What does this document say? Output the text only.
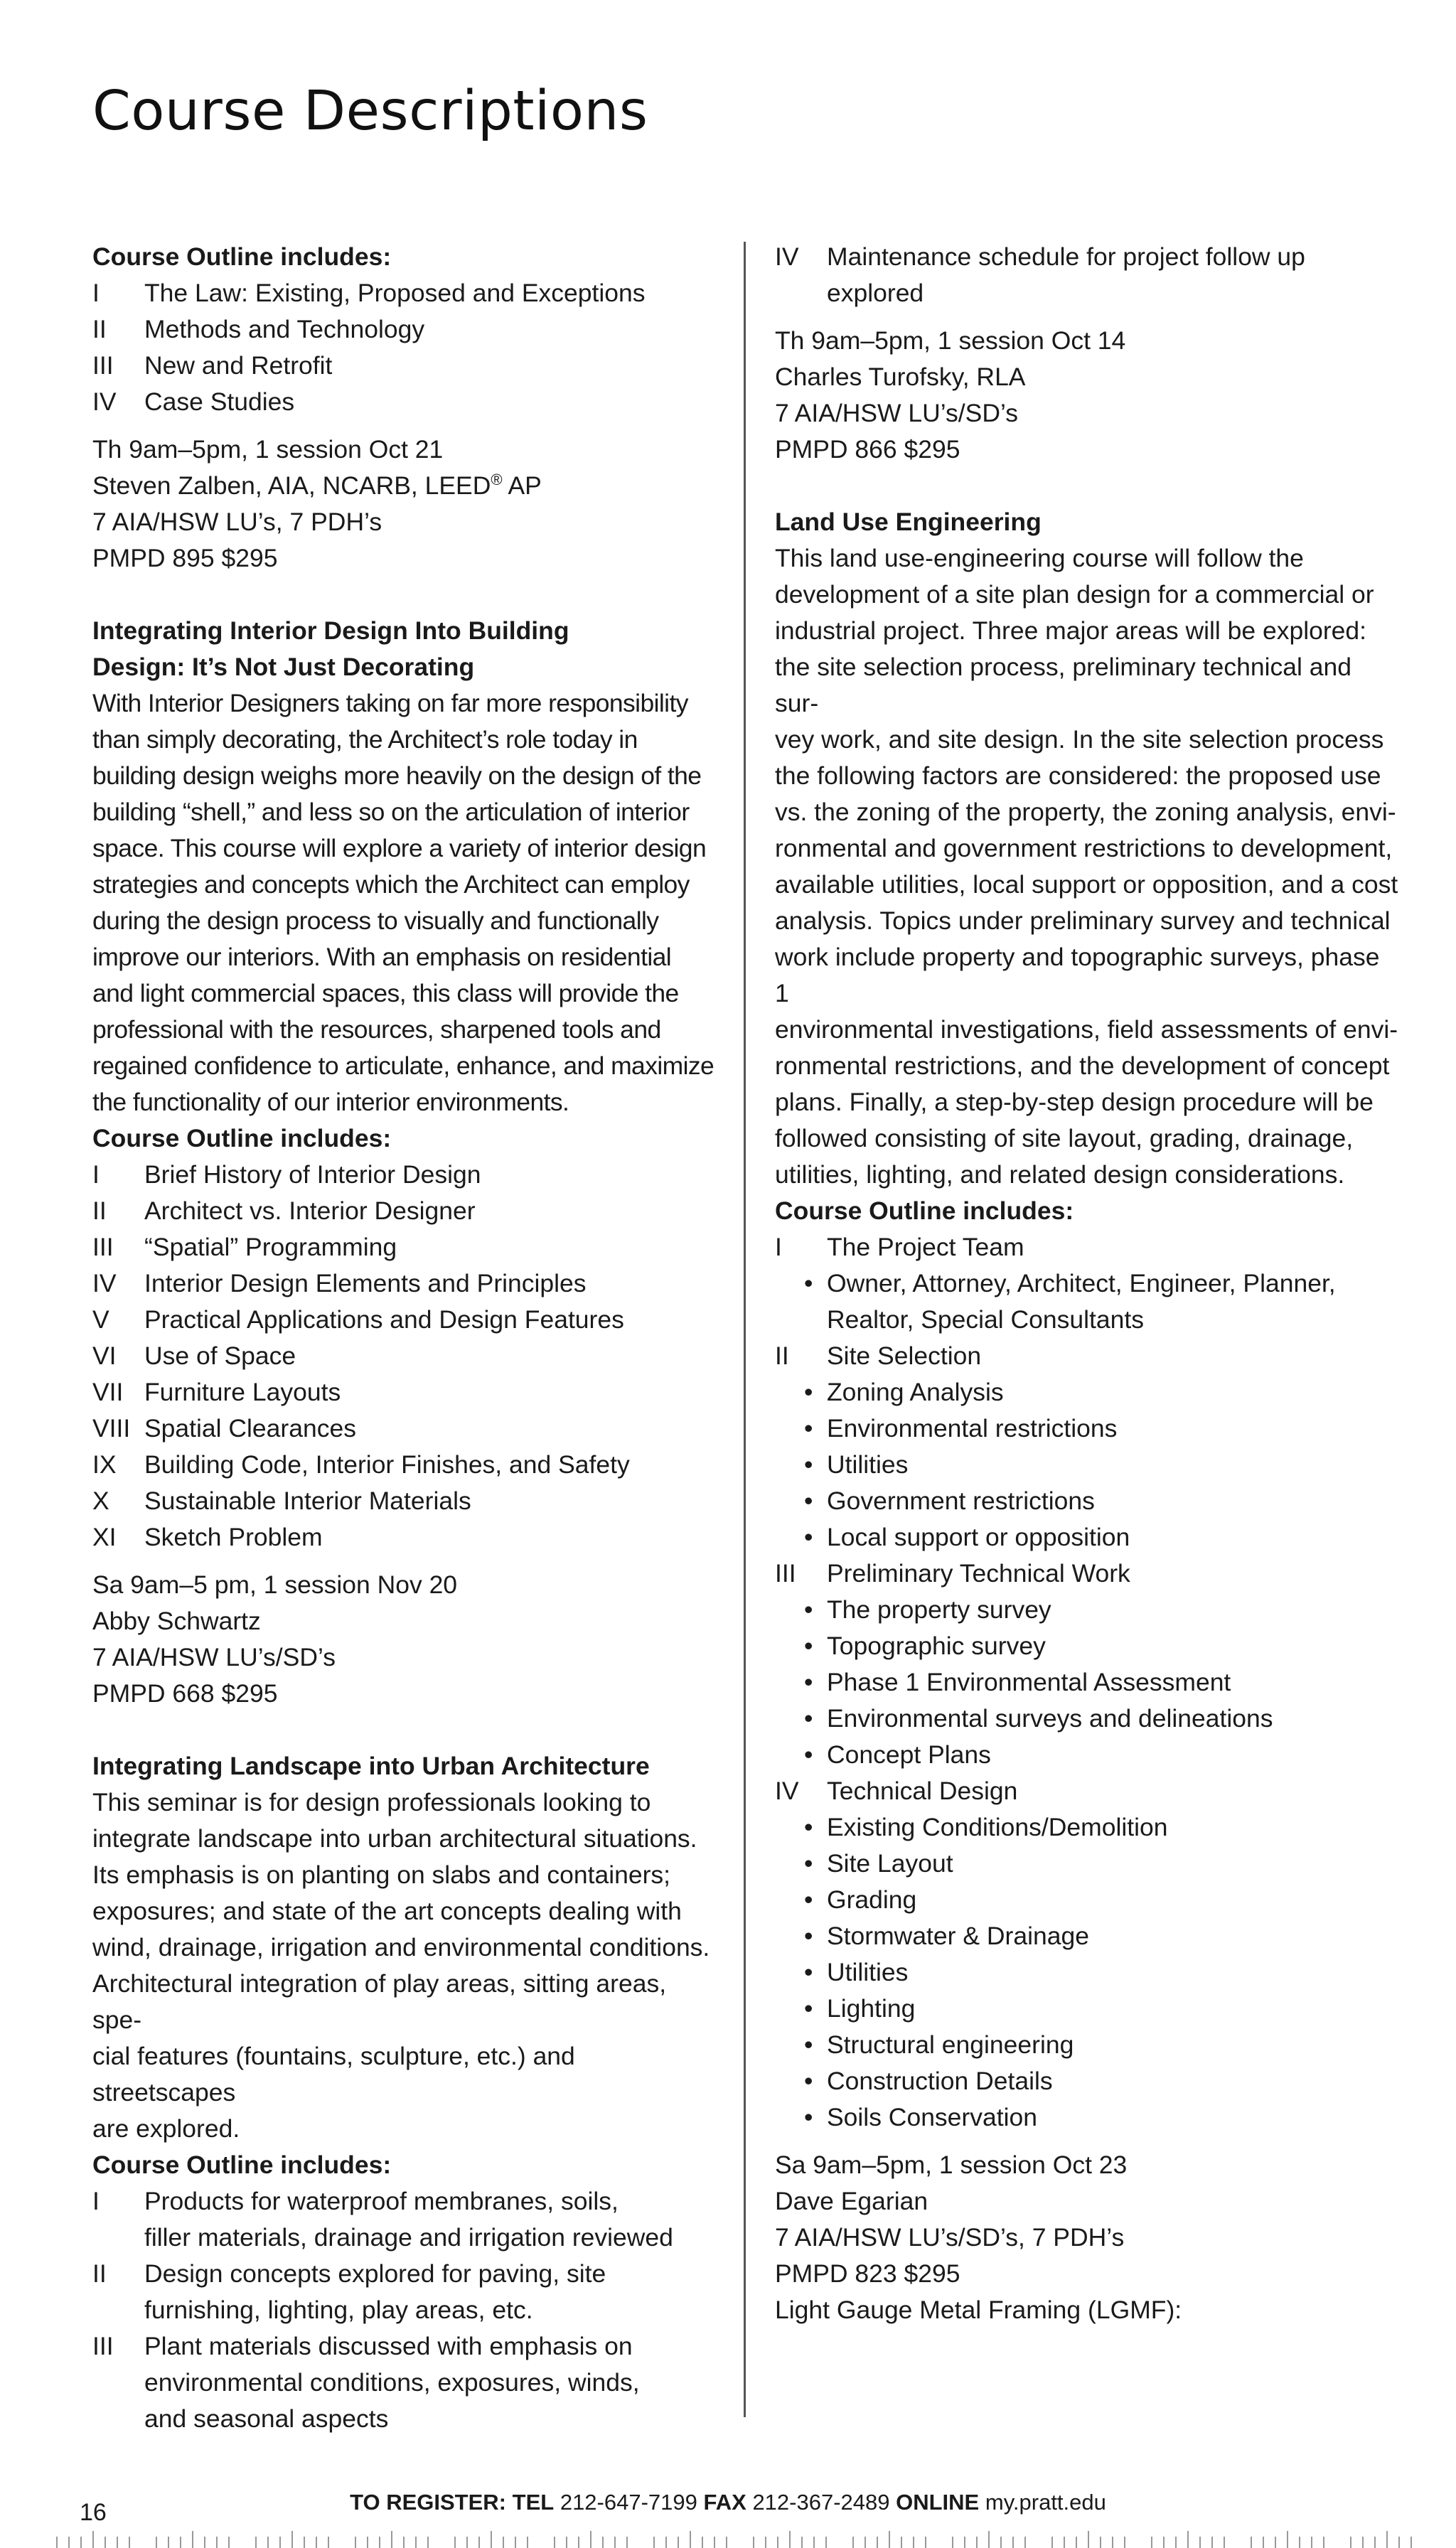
Course Descriptions

Course Outline includes:

I	The Law: Existing, Proposed and Exceptions
II	Methods and Technology
III	New and Retrofit
IV	Case Studies
Th 9am–5pm, 1 session Oct 21
Steven Zalben, AIA, NCARB, LEED® AP
7 AIA/HSW LU’s, 7 PDH’s
PMPD 895 $295

Integrating Interior Design Into Building
Design: It’s Not Just Decorating

With Interior Designers taking on far more responsibility
than simply decorating, the Architect’s role today in
building design weighs more heavily on the design of the
building “shell,” and less so on the articulation of interior
space. This course will explore a variety of interior design
strategies and concepts which the Architect can employ
during the design process to visually and functionally
improve our interiors. With an emphasis on residential
and light commercial spaces, this class will provide the
professional with the resources, sharpened tools and
regained confidence to articulate, enhance, and maximize
the functionality of our interior environments.

Course Outline includes:

I	Brief History of Interior Design
II	Architect vs. Interior Designer
III	“Spatial” Programming
IV	Interior Design Elements and Principles
V	Practical Applications and Design Features
VI	Use of Space
VII Furniture Layouts
VIII Spatial Clearances
IX	Building Code, Interior Finishes, and Safety
X	Sustainable Interior Materials
XI	Sketch Problem
Sa 9am–5 pm, 1 session Nov 20
Abby Schwartz
7 AIA/HSW LU’s/SD’s
PMPD 668 $295

Integrating Landscape into Urban Architecture

This seminar is for design professionals looking to
integrate landscape into urban architectural situations.
Its emphasis is on planting on slabs and containers;
exposures; and state of the art concepts dealing with
wind, drainage, irrigation and environmental conditions.
Architectural integration of play areas, sitting areas, spe-
cial features (fountains, sculpture, etc.) and streetscapes
are explored.

Course Outline includes:

I	Products for waterproof membranes, soils,
filler materials, drainage and irrigation reviewed
II	Design concepts explored for paving, site
furnishing, lighting, play areas, etc.
III	Plant materials discussed with emphasis on
environmental conditions, exposures, winds,
and seasonal aspects
IV	Maintenance schedule for project follow up
explored
Th 9am–5pm, 1 session Oct 14
Charles Turofsky, RLA
7 AIA/HSW LU’s/SD’s
PMPD 866 $295

Land Use Engineering

This land use-engineering course will follow the
development of a site plan design for a commercial or
industrial project. Three major areas will be explored:
the site selection process, preliminary technical and sur-
vey work, and site design. In the site selection process
the following factors are considered: the proposed use
vs. the zoning of the property, the zoning analysis, envi-
ronmental and government restrictions to development,
available utilities, local support or opposition, and a cost
analysis. Topics under preliminary survey and technical
work include property and topographic surveys, phase 1
environmental investigations, field assessments of envi-
ronmental restrictions, and the development of concept
plans. Finally, a step-by-step design procedure will be
followed consisting of site layout, grading, drainage,
utilities, lighting, and related design considerations.

Course Outline includes:

I	The Project Team
• Owner, Attorney, Architect, Engineer, Planner, Realtor, Special Consultants
II	Site Selection
• Zoning Analysis
• Environmental restrictions
• Utilities
• Government restrictions
• Local support or opposition
III	Preliminary Technical Work
• The property survey
• Topographic survey
• Phase 1 Environmental Assessment
• Environmental surveys and delineations
• Concept Plans
IV	Technical Design
• Existing Conditions/Demolition
• Site Layout
• Grading
• Stormwater & Drainage
• Utilities
• Lighting
• Structural engineering
• Construction Details
• Soils Conservation
Sa 9am–5pm, 1 session Oct 23
Dave Egarian
7 AIA/HSW LU’s/SD’s, 7 PDH’s
PMPD 823 $295
Light Gauge Metal Framing (LGMF):
16	TO REGISTER: TEL 212-647-7199 FAX 212-367-2489 ONLINE my.pratt.edu
